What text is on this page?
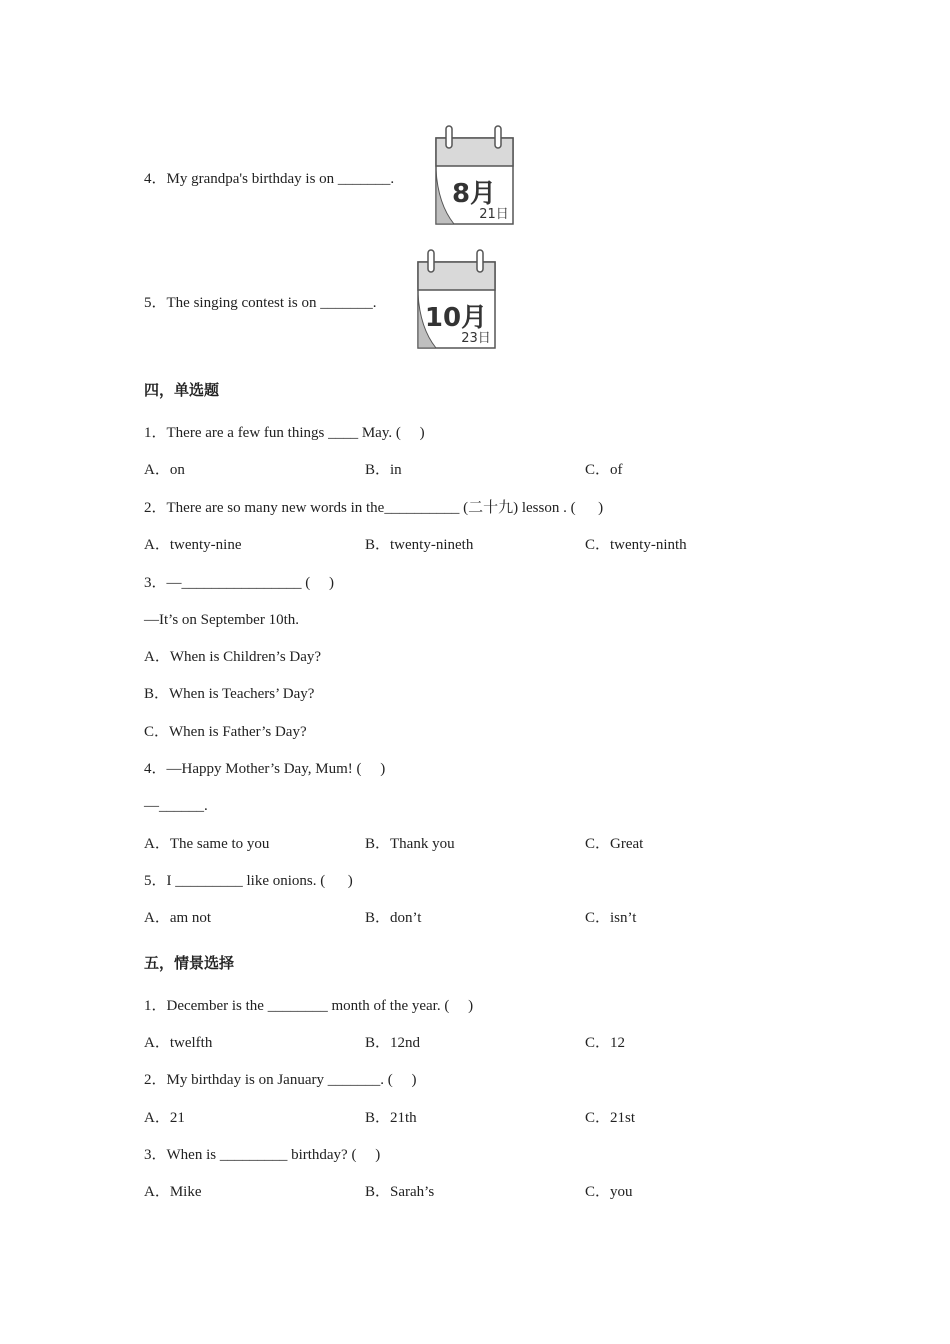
4．My grandpa's birthday is on _______. 8月
21日
5．The singing contest is on _______. 10月
23日
四，单选题
1．There are a few fun things ____ May. (     )
A．on	B．in	C．of
2．There are so many new words in the__________ (二十九) lesson . (      )
A．twenty-nine	B．twenty-nineth	C．twenty-ninth
3．—________________ (     )
—It’s on September 10th.
A．When is Children’s Day?
B．When is Teachers’ Day?
C．When is Father’s Day?
4．—Happy Mother’s Day, Mum! (     )
—______.
A．The same to you	B．Thank you	C．Great
5．I _________ like onions. (      )
A．am not	B．don’t	C．isn’t
五，情景选择
1．December is the ________ month of the year. (     )
A．twelfth	B．12nd	C．12
2．My birthday is on January _______. (     )
A．21	B．21th	C．21st
3．When is _________ birthday? (     )
A．Mike	B．Sarah’s	C．you
